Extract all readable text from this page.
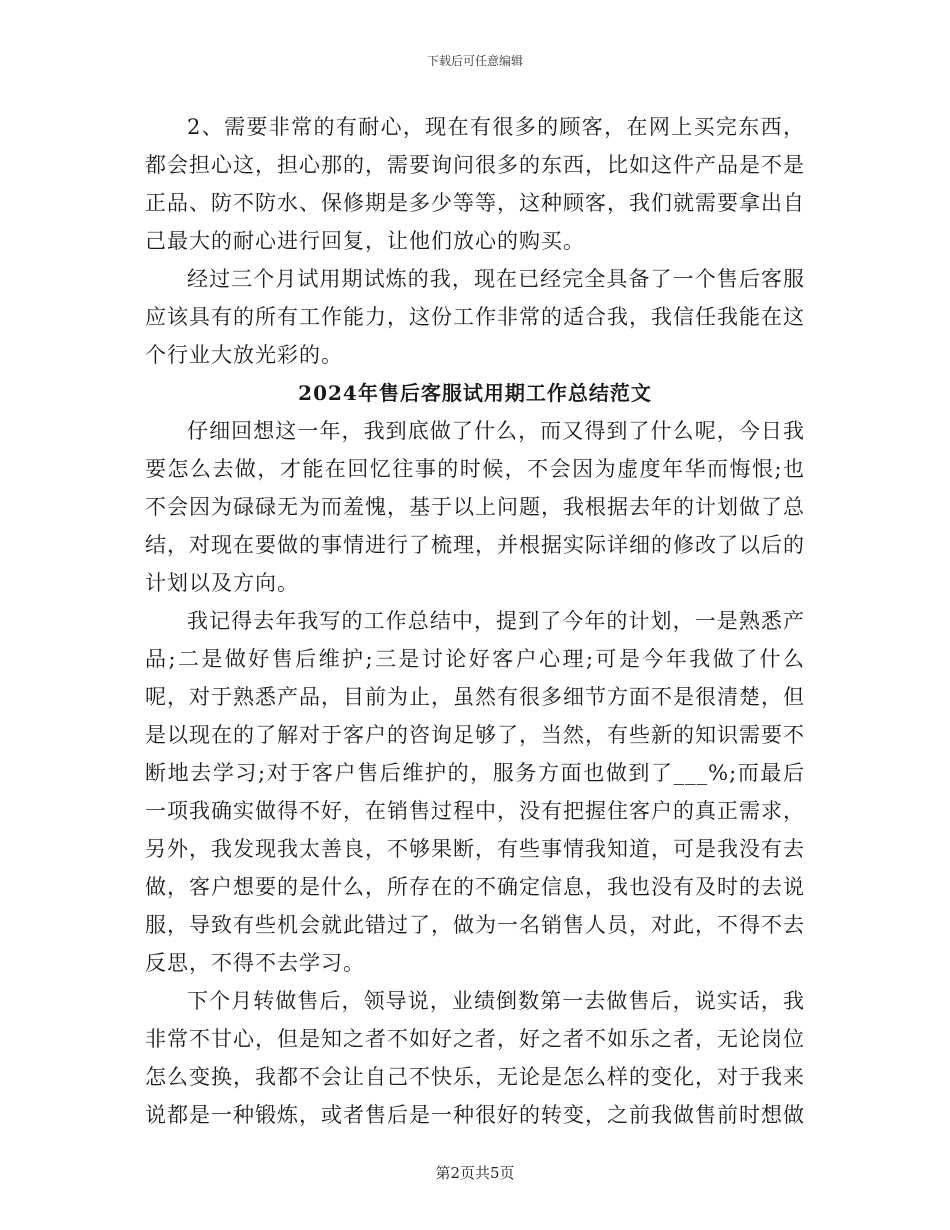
下载后可任意编辑

2、需要非常的有耐心，现在有很多的顾客，在网上买完东西，都会担心这，担心那的，需要询问很多的东西，比如这件产品是不是正品、防不防水、保修期是多少等等，这种顾客，我们就需要拿出自己最大的耐心进行回复，让他们放心的购买。

经过三个月试用期试炼的我，现在已经完全具备了一个售后客服应该具有的所有工作能力，这份工作非常的适合我，我信任我能在这个行业大放光彩的。

2024年售后客服试用期工作总结范文

仔细回想这一年，我到底做了什么，而又得到了什么呢，今日我要怎么去做，才能在回忆往事的时候，不会因为虚度年华而悔恨;也不会因为碌碌无为而羞愧，基于以上问题，我根据去年的计划做了总结，对现在要做的事情进行了梳理，并根据实际详细的修改了以后的计划以及方向。

我记得去年我写的工作总结中，提到了今年的计划，一是熟悉产品;二是做好售后维护;三是讨论好客户心理;可是今年我做了什么呢，对于熟悉产品，目前为止，虽然有很多细节方面不是很清楚，但是以现在的了解对于客户的咨询足够了，当然，有些新的知识需要不断地去学习;对于客户售后维护的，服务方面也做到了___%;而最后一项我确实做得不好，在销售过程中，没有把握住客户的真正需求，另外，我发现我太善良，不够果断，有些事情我知道，可是我没有去做，客户想要的是什么，所存在的不确定信息，我也没有及时的去说服，导致有些机会就此错过了，做为一名销售人员，对此，不得不去反思，不得不去学习。

下个月转做售后，领导说，业绩倒数第一去做售后，说实话，我非常不甘心，但是知之者不如好之者，好之者不如乐之者，无论岗位怎么变换，我都不会让自己不快乐，无论是怎么样的变化，对于我来说都是一种锻炼，或者售后是一种很好的转变，之前我做售前时想做

第2页共5页
